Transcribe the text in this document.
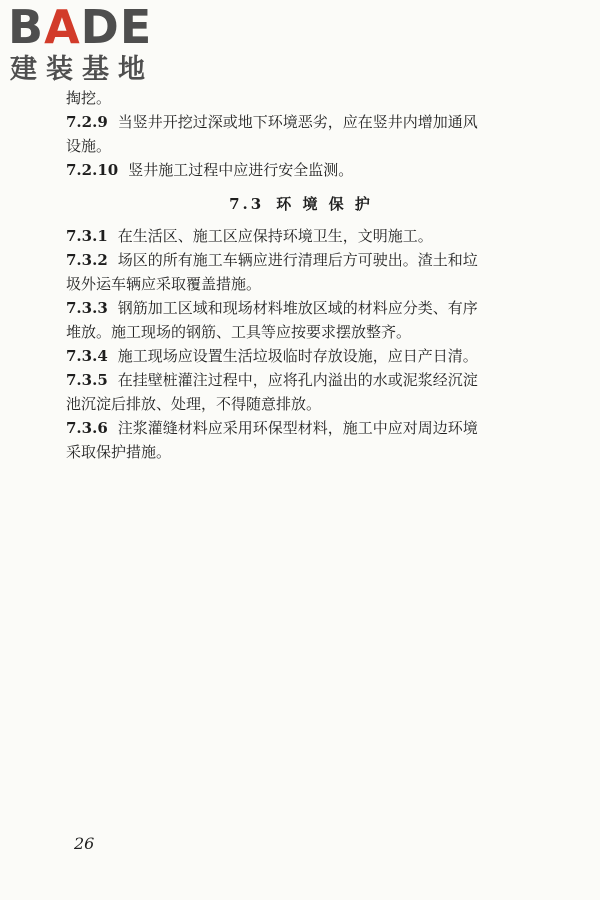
BADE
建装基地
掏挖。
7.2.9 当竖井开挖过深或地下环境恶劣，应在竖井内增加通风
设施。
7.2.10 竖井施工过程中应进行安全监测。
7.3 环 境 保 护
7.3.1 在生活区、施工区应保持环境卫生，文明施工。
7.3.2 场区的所有施工车辆应进行清理后方可驶出。渣土和垃
圾外运车辆应采取覆盖措施。
7.3.3 钢筋加工区域和现场材料堆放区域的材料应分类、有序
堆放。施工现场的钢筋、工具等应按要求摆放整齐。
7.3.4 施工现场应设置生活垃圾临时存放设施，应日产日清。
7.3.5 在挂壁桩灌注过程中，应将孔内溢出的水或泥浆经沉淀
池沉淀后排放、处理，不得随意排放。
7.3.6 注浆灌缝材料应采用环保型材料，施工中应对周边环境
采取保护措施。
26
